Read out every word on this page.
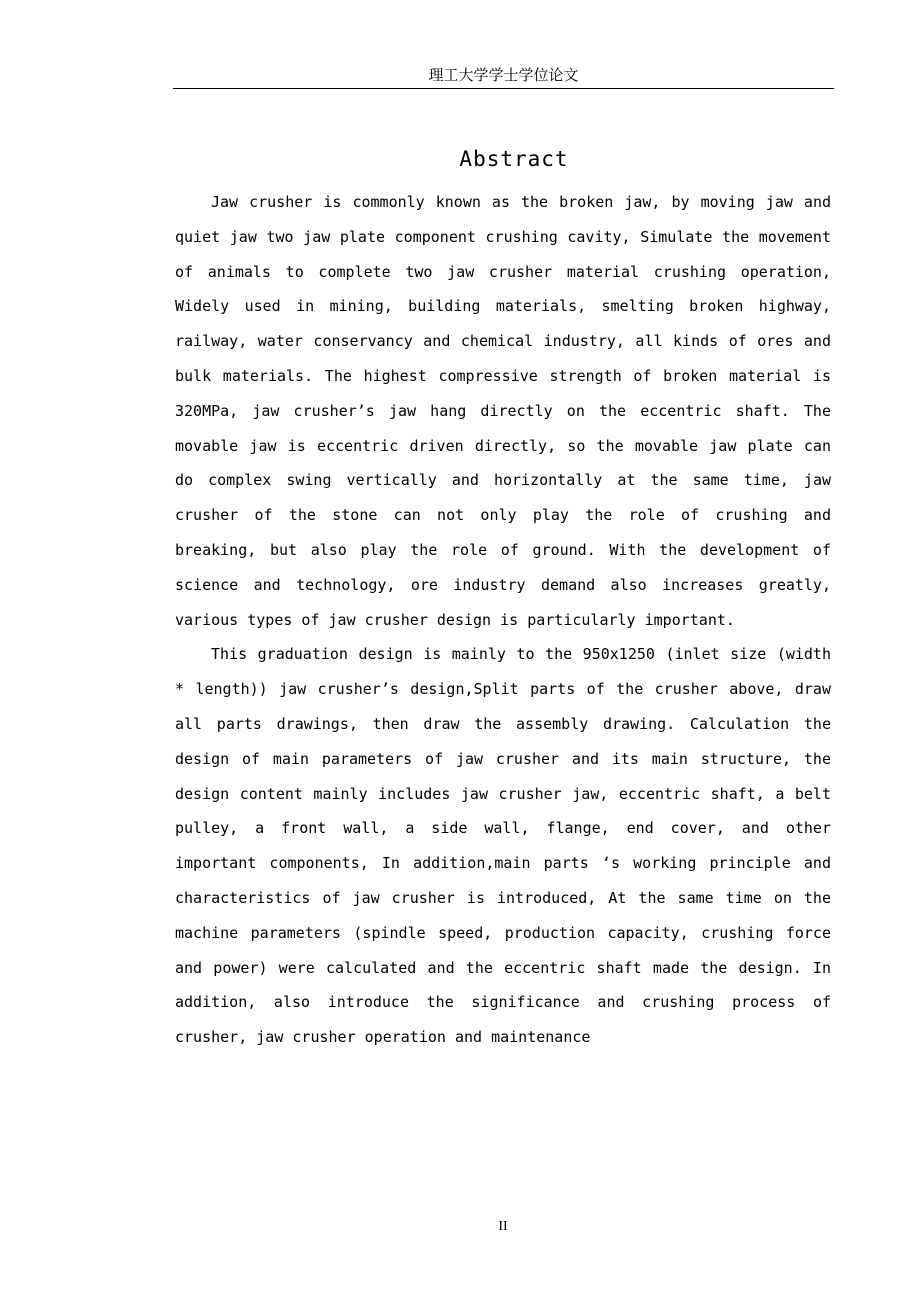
理工大学学士学位论文
Abstract

Jaw crusher is commonly known as the broken jaw, by moving jaw and quiet jaw two jaw plate component crushing cavity, Simulate the movement of animals to complete two jaw crusher material crushing operation, Widely used in mining, building materials, smelting broken highway, railway, water conservancy and chemical industry, all kinds of ores and bulk materials. The highest compressive strength of broken material is 320MPa, jaw crusher’s jaw hang directly on the eccentric shaft. The movable jaw is eccentric driven directly, so the movable jaw plate can do complex swing vertically and horizontally at the same time, jaw crusher of the stone can not only play the role of crushing and breaking, but also play the role of ground. With the development of science and technology, ore industry demand also increases greatly, various types of jaw crusher design is particularly important.

This graduation design is mainly to the 950x1250 (inlet size (width * length)) jaw crusher’s design,Split parts of the crusher above, draw all parts drawings, then draw the assembly drawing. Calculation the design of main parameters of jaw crusher and its main structure, the design content mainly includes jaw crusher jaw, eccentric shaft, a belt pulley, a front wall, a side wall, flange, end cover, and other important components, In addition,main parts ‘s working principle and characteristics of jaw crusher is introduced, At the same time on the machine parameters (spindle speed, production capacity, crushing force and power) were calculated and the eccentric shaft made the design. In addition, also introduce the significance and crushing process of crusher, jaw crusher operation and maintenance

II
